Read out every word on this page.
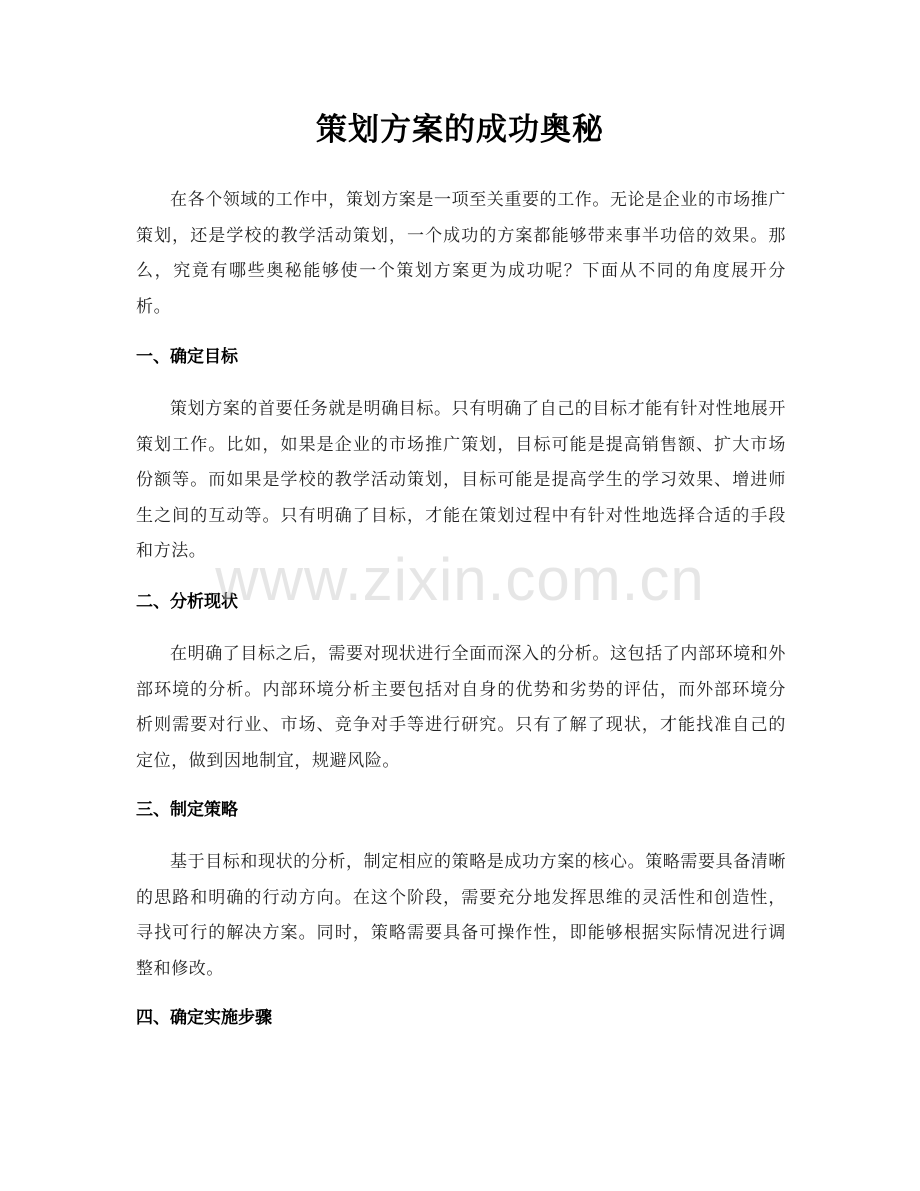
策划方案的成功奥秘
在各个领域的工作中，策划方案是一项至关重要的工作。无论是企业的市场推广策划，还是学校的教学活动策划，一个成功的方案都能够带来事半功倍的效果。那么，究竟有哪些奥秘能够使一个策划方案更为成功呢？下面从不同的角度展开分析。
一、确定目标
策划方案的首要任务就是明确目标。只有明确了自己的目标才能有针对性地展开策划工作。比如，如果是企业的市场推广策划，目标可能是提高销售额、扩大市场份额等。而如果是学校的教学活动策划，目标可能是提高学生的学习效果、增进师生之间的互动等。只有明确了目标，才能在策划过程中有针对性地选择合适的手段和方法。
二、分析现状
在明确了目标之后，需要对现状进行全面而深入的分析。这包括了内部环境和外部环境的分析。内部环境分析主要包括对自身的优势和劣势的评估，而外部环境分析则需要对行业、市场、竞争对手等进行研究。只有了解了现状，才能找准自己的定位，做到因地制宜，规避风险。
三、制定策略
基于目标和现状的分析，制定相应的策略是成功方案的核心。策略需要具备清晰的思路和明确的行动方向。在这个阶段，需要充分地发挥思维的灵活性和创造性，寻找可行的解决方案。同时，策略需要具备可操作性，即能够根据实际情况进行调整和修改。
四、确定实施步骤
www.zixin.com.cn
